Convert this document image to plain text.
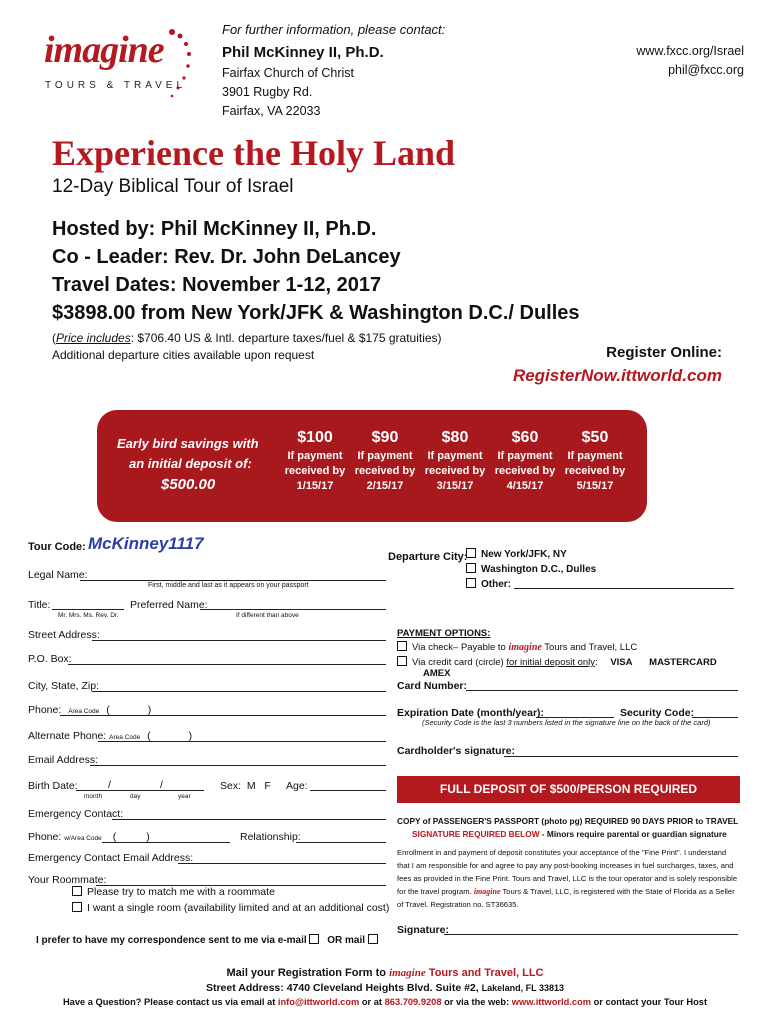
imagine
TOURS & TRAVEL
For further information, please contact:
Phil McKinney II, Ph.D.
Fairfax Church of Christ
3901 Rugby Rd.
Fairfax, VA 22033
www.fxcc.org/Israel
phil@fxcc.org
Experience the Holy Land
12-Day Biblical Tour of Israel
Hosted by: Phil McKinney II, Ph.D.
Co - Leader: Rev. Dr. John DeLancey
Travel Dates: November 1-12, 2017
$3898.00 from New York/JFK & Washington D.C./ Dulles
(Price includes: $706.40 US & Intl. departure taxes/fuel & $175 gratuities)
Additional departure cities available upon request	Register Online:
RegisterNow.ittworld.com
Early bird savings with
an initial deposit of:
$500.00
$100
If payment
received by
1/15/17
$90
If payment
received by
2/15/17
$80
If payment
received by
3/15/17
$60
If payment
received by
4/15/17
$50
If payment
received by
5/15/17
Tour Code: McKinney1117
Legal Name:
First, middle and last as it appears on your passport
Title:
Mr. Mrs. Ms. Rev. Dr.
Preferred Name:
If different than above
Street Address:
P.O. Box:
City, State, Zip:
Phone: Area Code (	)
Alternate Phone: Area Code (	)
Email Address:
Birth Date:	/	/
month	day	year
Sex:  M   F Age:
Emergency Contact:
Phone: w/Area Code (	)	Relationship:
Emergency Contact Email Address:
Your Roommate:
Please try to match me with a roommate
I want a single room (availability limited and at an additional cost)
I prefer to have my correspondence sent to me via e-mail OR mail
Departure City:	New York/JFK, NY
Washington D.C., Dulles
Other:
PAYMENT OPTIONS:
Via check– Payable to imagine Tours and Travel, LLC
Via credit card (circle) for initial deposit only: VISA MASTERCARD AMEX
Card Number:
Expiration Date (month/year):	Security Code:
(Security Code is the last 3 numbers listed in the signature line on the back of the card)
Cardholder's signature:
FULL DEPOSIT OF $500/PERSON REQUIRED
COPY of PASSENGER'S PASSPORT (photo pg) REQUIRED 90 DAYS PRIOR to TRAVEL
SIGNATURE REQUIRED BELOW - Minors require parental or guardian signature
Enrollment in and payment of deposit constitutes your acceptance of the "Fine Print". I understand that I am responsible for and agree to pay any post-booking increases in fuel surcharges, taxes, and fees as provided in the Fine Print. Tours and Travel, LLC is the tour operator and is solely responsible for the travel program. imagine Tours & Travel, LLC, is registered with the State of Florida as a Seller of Travel. Registration no. ST36635.
Signature:
Mail your Registration Form to imagine Tours and Travel, LLC
Street Address: 4740 Cleveland Heights Blvd. Suite #2, Lakeland, FL 33813
Have a Question? Please contact us via email at info@ittworld.com or at 863.709.9208 or via the web: www.ittworld.com or contact your Tour Host
